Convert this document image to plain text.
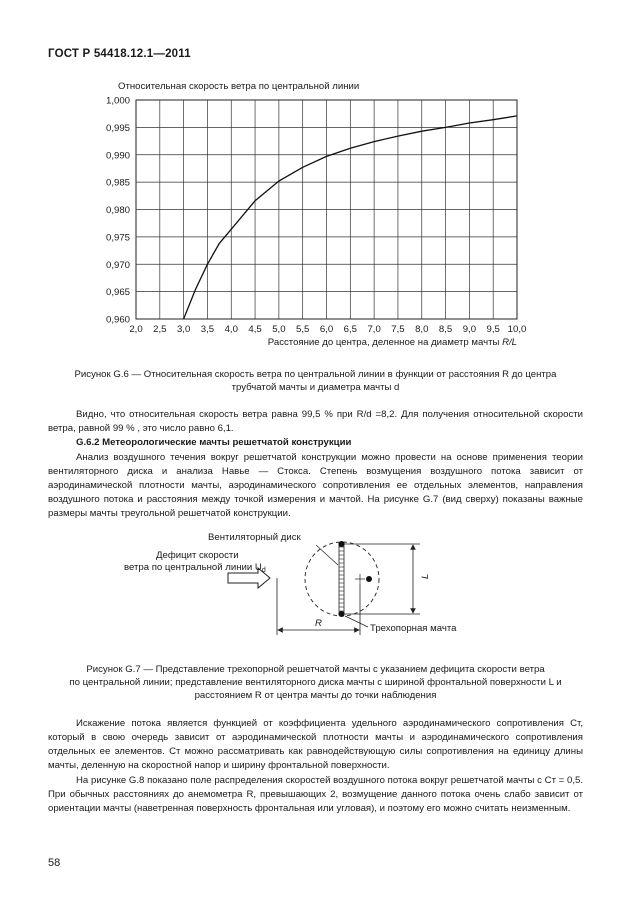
ГОСТ Р 54418.12.1—2011
Относительная скорость ветра по центральной линии
2,0 2,5 3,0 3,5 4,0 4,5 5,0 5,5 6,0 6,5 7,0 7,5 8,0 8,5 9,0 9,5 10,0
0,960
0,965
0,970
0,975
0,980
0,985
0,990
0,995
1,000
Расстояние до центра, деленное на диаметр мачты R/L
Рисунок G.6 — Относительная скорость ветра по центральной линии в функции от расстояния R до центра
трубчатой мачты и диаметра мачты d
Видно, что относительная скорость ветра равна 99,5 % при R/d =8,2. Для получения относительной скорости ветра, равной 99 % , это число равно 6,1.
G.6.2 Метеорологические мачты решетчатой конструкции
Анализ воздушного течения вокруг решетчатой конструкции можно провести на основе применения теории вентиляторного диска и анализа Навье — Стокса. Степень возмущения воздушного потока зависит от аэродинамической плотности мачты, аэродинамического сопротивления ее отдельных элементов, направления воздушного потока и расстояния между точкой измерения и мачтой. На рисунке G.7 (вид сверху) показаны важные размеры мачты треугольной решетчатой конструкции.
Вентиляторный диск
Дефицит скорости
ветра по центральной линии $U_d$
R
L
Трехопорная мачта
Рисунок G.7 — Представление трехопорной решетчатой мачты с указанием дефицита скорости ветра
по центральной линии; представление вентиляторного диска мачты с шириной фронтальной поверхности L и
расстоянием R от центра мачты до точки наблюдения
Искажение потока является функцией от коэффициента удельного аэродинамического сопротивления Cт, который в свою очередь зависит от аэродинамической плотности мачты и аэродинамического сопротивления отдельных ее элементов. Cт можно рассматривать как равнодействующую силы сопротивления на единицу длины мачты, деленную на скоростной напор и ширину фронтальной поверхности.
На рисунке G.8 показано поле распределения скоростей воздушного потока вокруг решетчатой мачты с Cт = 0,5. При обычных расстояниях до анемометра R, превышающих 2, возмущение данного потока очень слабо зависит от ориентации мачты (наветренная поверхность фронтальная или угловая), и поэтому его можно считать неизменным.
58
